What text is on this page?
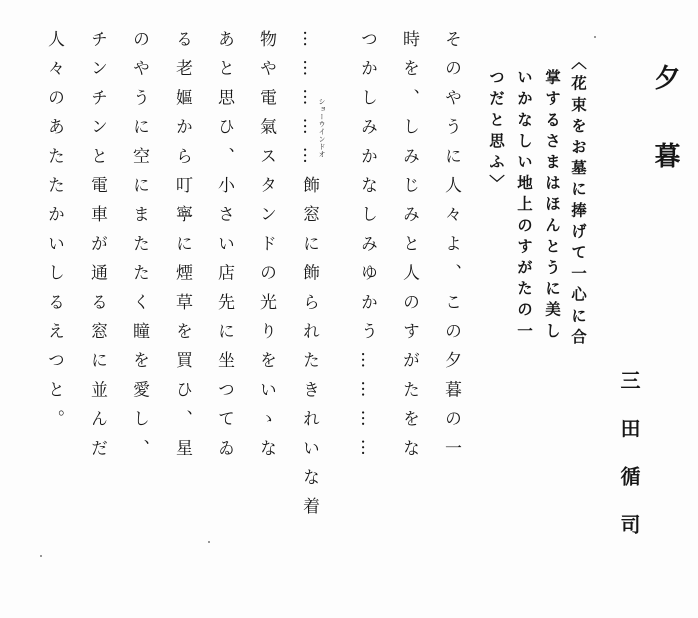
夕暮
三田循司
〈花束をお墓に捧げて一心に合
掌するさまはほんとうに美し
いかなしい地上のすがたの一
つだと思ふ〉
そのやうに人々よ、この夕暮の一
時を、しみじみと人のすがたをな
つかしみかなしみゆかう…………
……………飾窓に飾られたきれいな着
物や電氣スタンドの光りをいゝな
あと思ひ、小さい店先に坐つてゐ
る老嫗から叮寧に煙草を買ひ、星
のやうに空にまたたく瞳を愛し、
チンチンと電車が通る窓に並んだ
人々のあたたかいしるえつと。	ショーウインドオ
